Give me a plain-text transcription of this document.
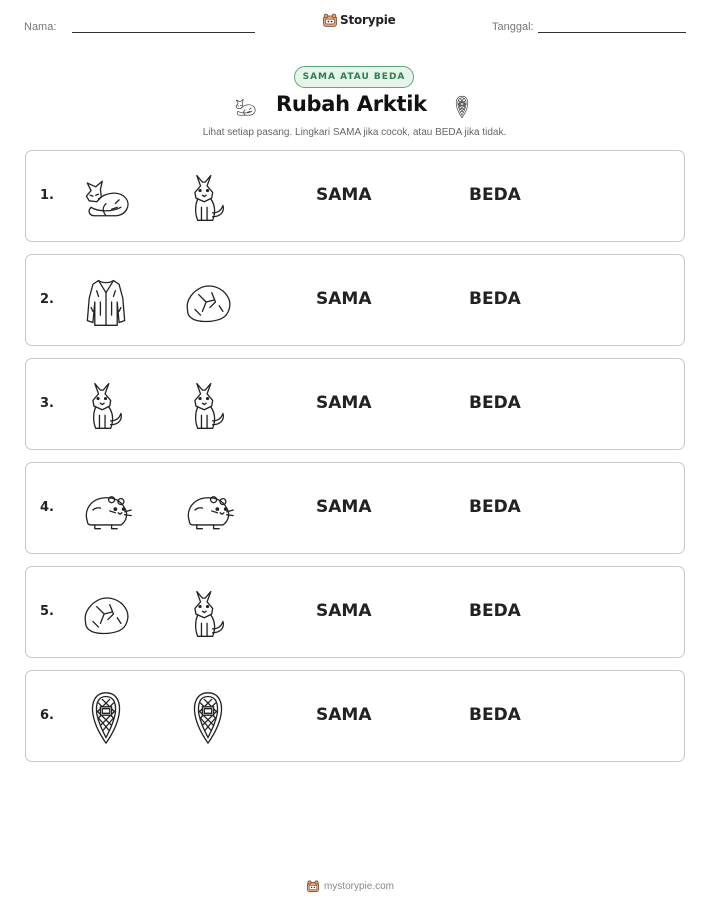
Nama:	Storypie	Tanggal:
SAMA ATAU BEDA
Rubah Arktik
Lihat setiap pasang. Lingkari SAMA jika cocok, atau BEDA jika tidak.
1.	SAMA	BEDA
2.	SAMA	BEDA
3.	SAMA	BEDA
4.	SAMA	BEDA
5.	SAMA	BEDA
6.	SAMA	BEDA
mystorypie.com
